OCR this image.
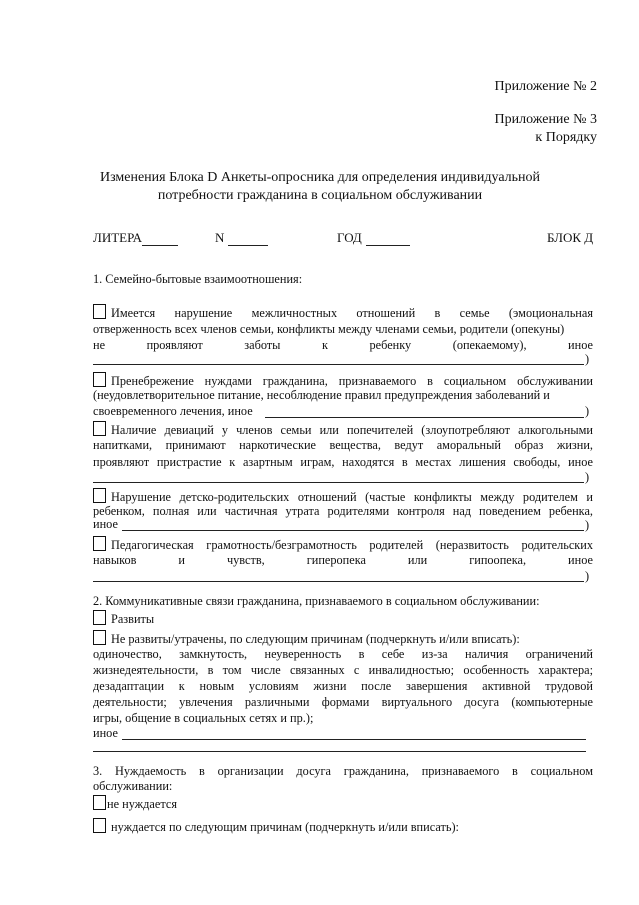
Приложение № 2
Приложение № 3
к Порядку
Изменения Блока D Анкеты-опросника для определения индивидуальной
потребности гражданина в социальном обслуживании
ЛИТЕРА	N	ГОД	БЛОК Д
1. Семейно-бытовые взаимоотношения:
Имеется нарушение межличностных отношений в семье (эмоциональная
отверженность всех членов семьи, конфликты между членами семьи, родители (опекуны)
не	проявляют	заботы	к	ребенку	(опекаемому),	иное
)
Пренебрежение нуждами гражданина, признаваемого в социальном обслуживании
(неудовлетворительное питание, несоблюдение правил предупреждения заболеваний и
своевременного лечения, иное	)
Наличие девиаций у членов семьи или попечителей (злоупотребляют алкогольными
напитками, принимают наркотические вещества, ведут аморальный образ жизни,
проявляют пристрастие к азартным играм, находятся в местах лишения свободы, иное
)
Нарушение детско-родительских отношений (частые конфликты между родителем и
ребенком, полная или частичная утрата родителями контроля над поведением ребенка,
иное	)
Педагогическая грамотность/безграмотность родителей (неразвитость родительских
навыков	и	чувств,	гиперопека	или	гипоопека,	иное
)
2. Коммуникативные связи гражданина, признаваемого в социальном обслуживании:
Развиты
Не развиты/утрачены, по следующим причинам (подчеркнуть и/или вписать):
одиночество, замкнутость, неуверенность в себе из-за наличия ограничений
жизнедеятельности, в том числе связанных с инвалидностью; особенность характера;
дезадаптации к новым условиям жизни после завершения активной трудовой
деятельности; увлечения различными формами виртуального досуга (компьютерные
игры, общение в социальных сетях и пр.);
иное
3. Нуждаемость в организации досуга гражданина, признаваемого в социальном
обслуживании:
не нуждается
нуждается по следующим причинам (подчеркнуть и/или вписать):
